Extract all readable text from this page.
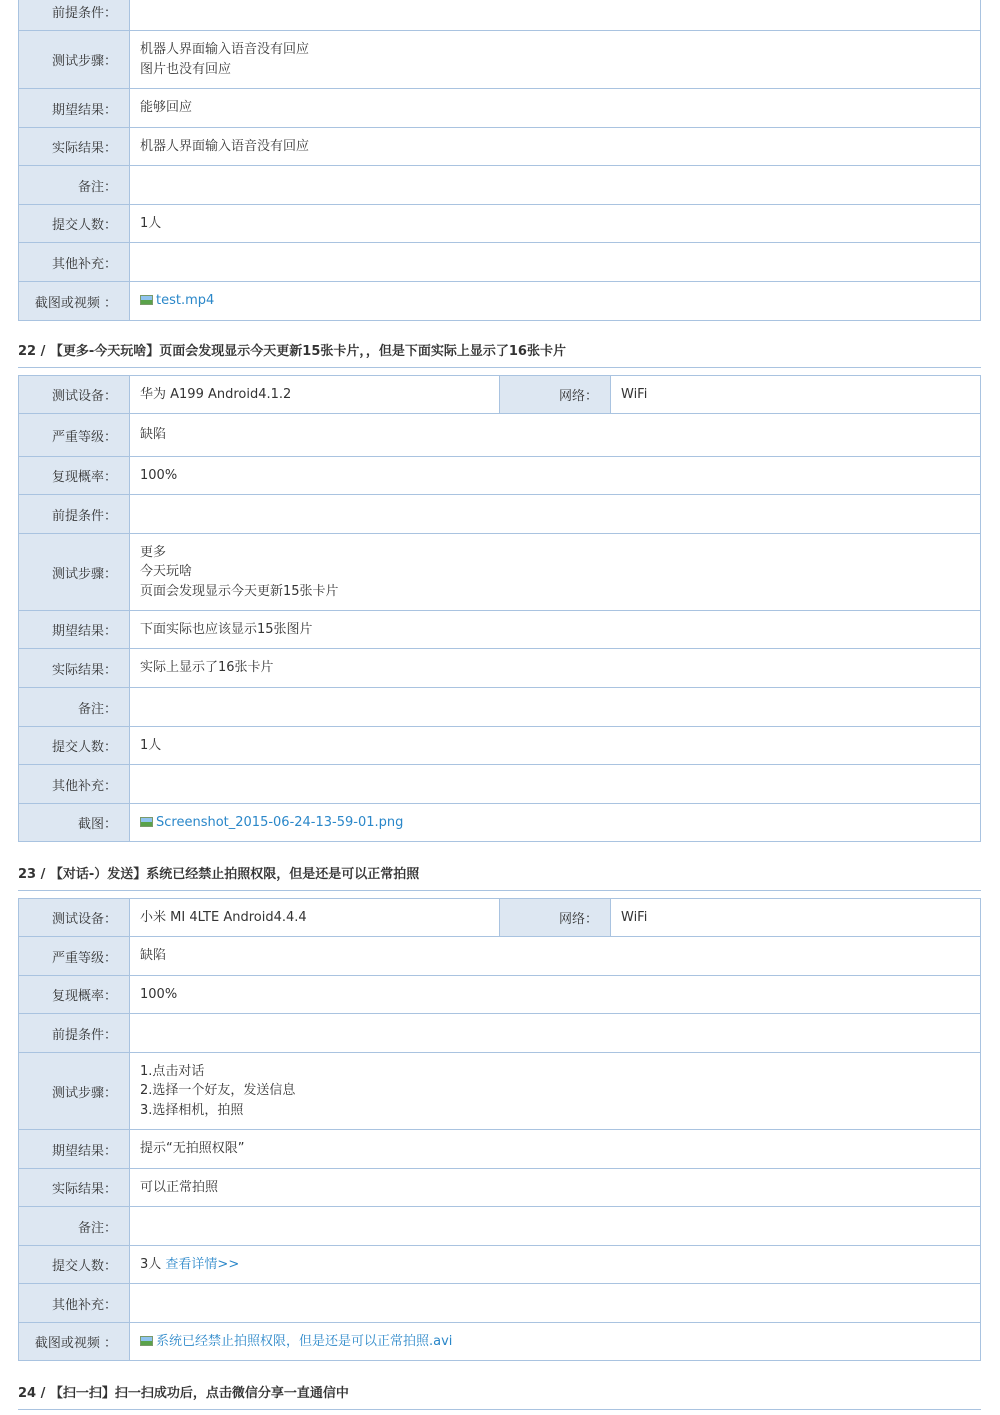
前提条件：	
测试步骤：	机器人界面输入语音没有回应
图片也没有回应

期望结果：	能够回应
实际结果：	机器人界面输入语音没有回应
备注：	
提交人数：	1人
其他补充：	
截图或视频 ：	test.mp4
22 / 【更多-今天玩啥】页面会发现显示今天更新15张卡片，，但是下面实际上显示了16张卡片
测试设备：	华为 A199 Android4.1.2	网络：	WiFi
严重等级：	缺陷		
复现概率：	100%		
前提条件：			
测试步骤：	更多
今天玩啥
页面会发现显示今天更新15张卡片		

期望结果：	下面实际也应该显示15张图片		
实际结果：	实际上显示了16张卡片		
备注：			
提交人数：	1人		
其他补充：			
截图：	Screenshot_2015-06-24-13-59-01.png		
23 / 【对话-）发送】系统已经禁止拍照权限，但是还是可以正常拍照
测试设备：	小米 MI 4LTE Android4.4.4	网络：	WiFi
严重等级：	缺陷		
复现概率：	100%		
前提条件：			
测试步骤：	1.点击对话
2.选择一个好友，发送信息
3.选择相机，拍照		

期望结果：	提示“无拍照权限”		
实际结果：	可以正常拍照		
备注：			
提交人数：	3人 查看详情>>		
其他补充：			
截图或视频 ：	系统已经禁止拍照权限，但是还是可以正常拍照.avi		
24 / 【扫一扫】扫一扫成功后，点击微信分享一直通信中
